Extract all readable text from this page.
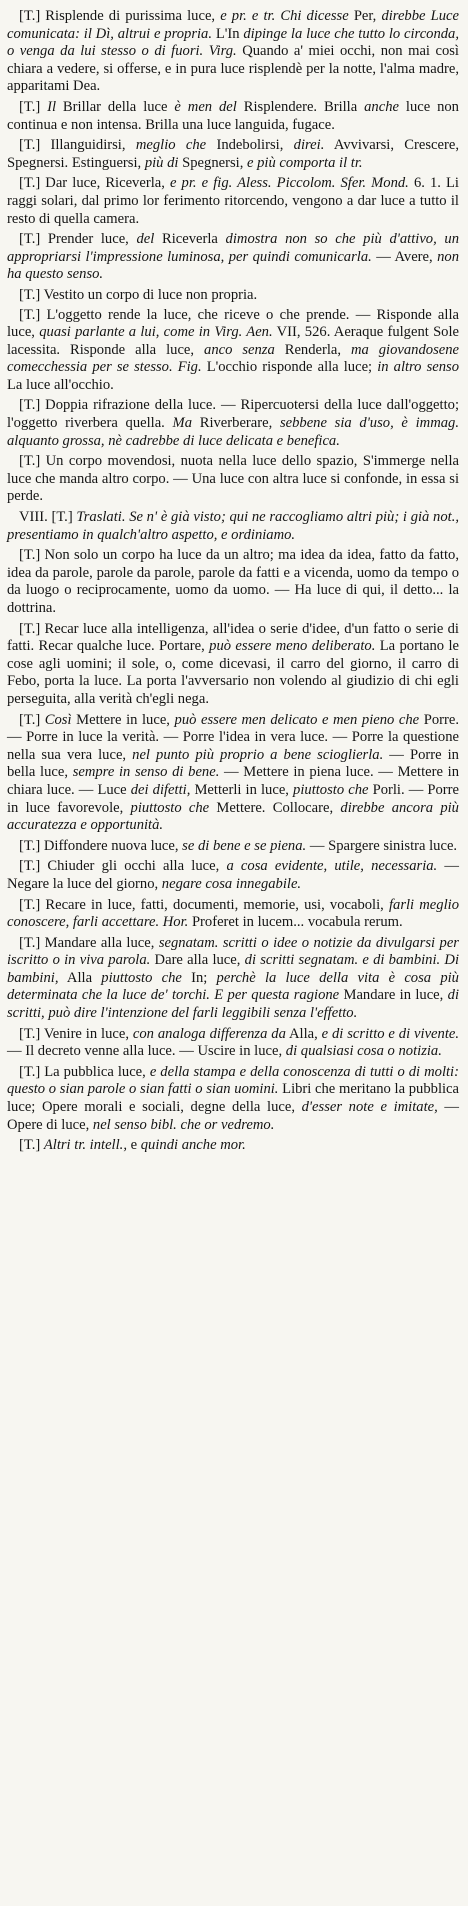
[T.] Risplende di purissima luce, e pr. e tr. Chi dicesse Per, direbbe Luce comunicata: il Dì, altrui e propria. L'In dipinge la luce che tutto lo circonda, o venga da lui stesso o di fuori. Virg. Quando a' miei occhi, non mai così chiara a vedere, si offerse, e in pura luce risplendè per la notte, l'alma madre, apparitami Dea.

[T.] Il Brillar della luce è men del Risplendere. Brilla anche luce non continua e non intensa. Brilla una luce languida, fugace.

[T.] Illanguidirsi, meglio che Indebolirsi, direi. Avvivarsi, Crescere, Spegnersi. Estinguersi, più di Spegnersi, e più comporta il tr.

[T.] Dar luce, Riceverla, e pr. e fig. Aless. Piccolom. Sfer. Mond. 6. 1. Li raggi solari, dal primo lor ferimento ritorcendo, vengono a dar luce a tutto il resto di quella camera.

[T.] Prender luce, del Riceverla dimostra non so che più d'attivo, un appropriarsi l'impressione luminosa, per quindi comunicarla. — Avere, non ha questo senso.

[T.] Vestito un corpo di luce non propria.

[T.] L'oggetto rende la luce, che riceve o che prende. — Risponde alla luce, quasi parlante a lui, come in Virg. Aen. VII, 526. Aeraque fulgent Sole lacessita. Risponde alla luce, anco senza Renderla, ma giovandosene comecchessia per se stesso. Fig. L'occhio risponde alla luce; in altro senso La luce all'occhio.

[T.] Doppia rifrazione della luce. — Ripercuotersi della luce dall'oggetto; l'oggetto riverbera quella. Ma Riverberare, sebbene sia d'uso, è immag. alquanto grossa, nè cadrebbe di luce delicata e benefica.

[T.] Un corpo movendosi, nuota nella luce dello spazio, S'immerge nella luce che manda altro corpo. — Una luce con altra luce si confonde, in essa si perde.

VIII. [T.] Traslati. Se n' è già visto; qui ne raccogliamo altri più; i già not., presentiamo in qualch'altro aspetto, e ordiniamo.

[T.] Non solo un corpo ha luce da un altro; ma idea da idea, fatto da fatto, idea da parole, parole da parole, parole da fatti e a vicenda, uomo da tempo o da luogo o reciprocamente, uomo da uomo. — Ha luce di qui, il detto... la dottrina.

[T.] Recar luce alla intelligenza, all'idea o serie d'idee, d'un fatto o serie di fatti. Recar qualche luce. Portare, può essere meno deliberato. La portano le cose agli uomini; il sole, o, come dicevasi, il carro del giorno, il carro di Febo, porta la luce. La porta l'avversario non volendo al giudizio di chi egli perseguita, alla verità ch'egli nega.

[T.] Così Mettere in luce, può essere men delicato e men pieno che Porre. — Porre in luce la verità. — Porre l'idea in vera luce. — Porre la questione nella sua vera luce, nel punto più proprio a bene scioglierla. — Porre in bella luce, sempre in senso di bene. — Mettere in piena luce. — Mettere in chiara luce. — Luce dei difetti, Metterli in luce, piuttosto che Porli. — Porre in luce favorevole, piuttosto che Mettere. Collocare, direbbe ancora più accuratezza e opportunità.

[T.] Diffondere nuova luce, se di bene e se piena. — Spargere sinistra luce.

[T.] Chiuder gli occhi alla luce, a cosa evidente, utile, necessaria. — Negare la luce del giorno, negare cosa innegabile.

[T.] Recare in luce, fatti, documenti, memorie, usi, vocaboli, farli meglio conoscere, farli accettare. Hor. Proferet in lucem... vocabula rerum.

[T.] Mandare alla luce, segnatam. scritti o idee o notizie da divulgarsi per iscritto o in viva parola. Dare alla luce, di scritti segnatam. e di bambini. Di bambini, Alla piuttosto che In; perchè la luce della vita è cosa più determinata che la luce de' torchi. E per questa ragione Mandare in luce, di scritti, può dire l'intenzione del farli leggibili senza l'effetto.

[T.] Venire in luce, con analoga differenza da Alla, e di scritto e di vivente. — Il decreto venne alla luce. — Uscire in luce, di qualsiasi cosa o notizia.

[T.] La pubblica luce, e della stampa e della conoscenza di tutti o di molti: questo o sian parole o sian fatti o sian uomini. Libri che meritano la pubblica luce; Opere morali e sociali, degne della luce, d'esser note e imitate, — Opere di luce, nel senso bibl. che or vedremo.

[T.] Altri tr. intell., e quindi anche mor.
